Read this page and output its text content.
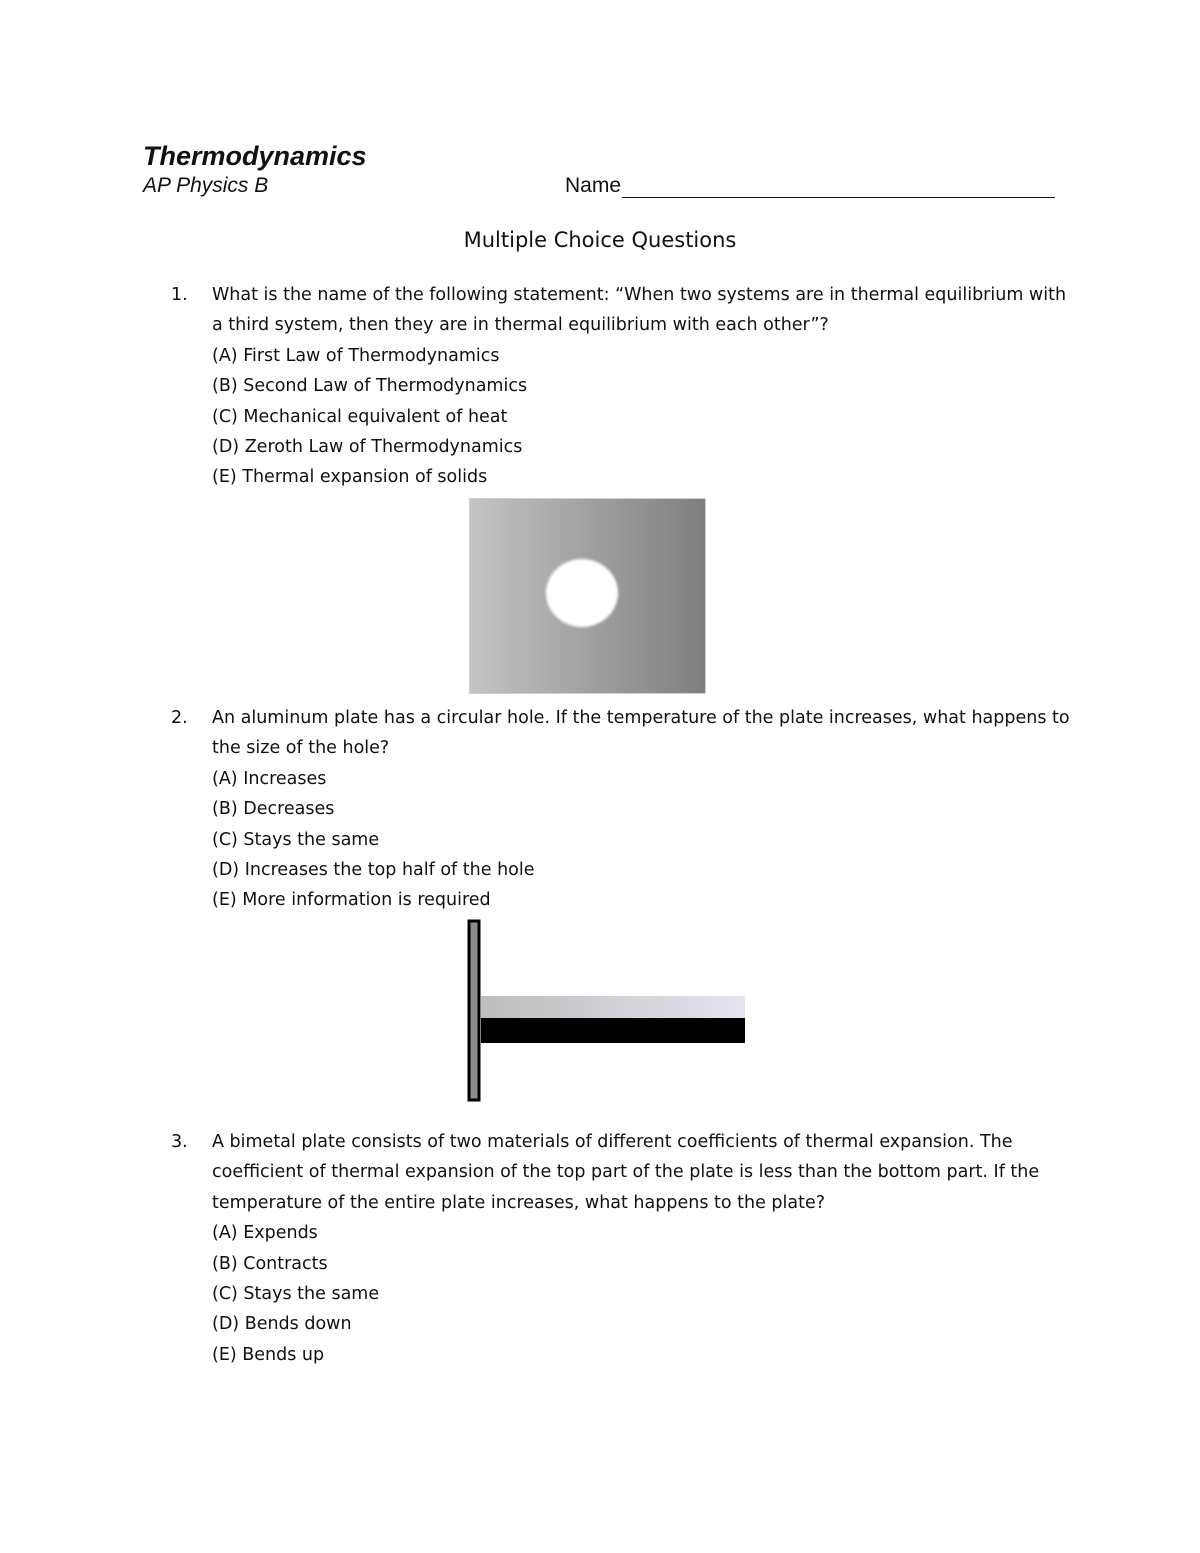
Thermodynamics
AP Physics B	Name
Multiple Choice Questions
1.	What is the name of the following statement: “When two systems are in thermal equilibrium with a third system, then they are in thermal equilibrium with each other”?
(A) First Law of Thermodynamics
(B) Second Law of Thermodynamics
(C) Mechanical equivalent of heat
(D) Zeroth Law of Thermodynamics
(E) Thermal expansion of solids
2.	An aluminum plate has a circular hole. If the temperature of the plate increases, what happens to the size of the hole?
(A) Increases
(B) Decreases
(C) Stays the same
(D) Increases the top half of the hole
(E) More information is required
3.	A bimetal plate consists of two materials of different coefficients of thermal expansion. The coefficient of thermal expansion of the top part of the plate is less than the bottom part. If the temperature of the entire plate increases, what happens to the plate?
(A) Expends
(B) Contracts
(C) Stays the same
(D) Bends down
(E) Bends up
